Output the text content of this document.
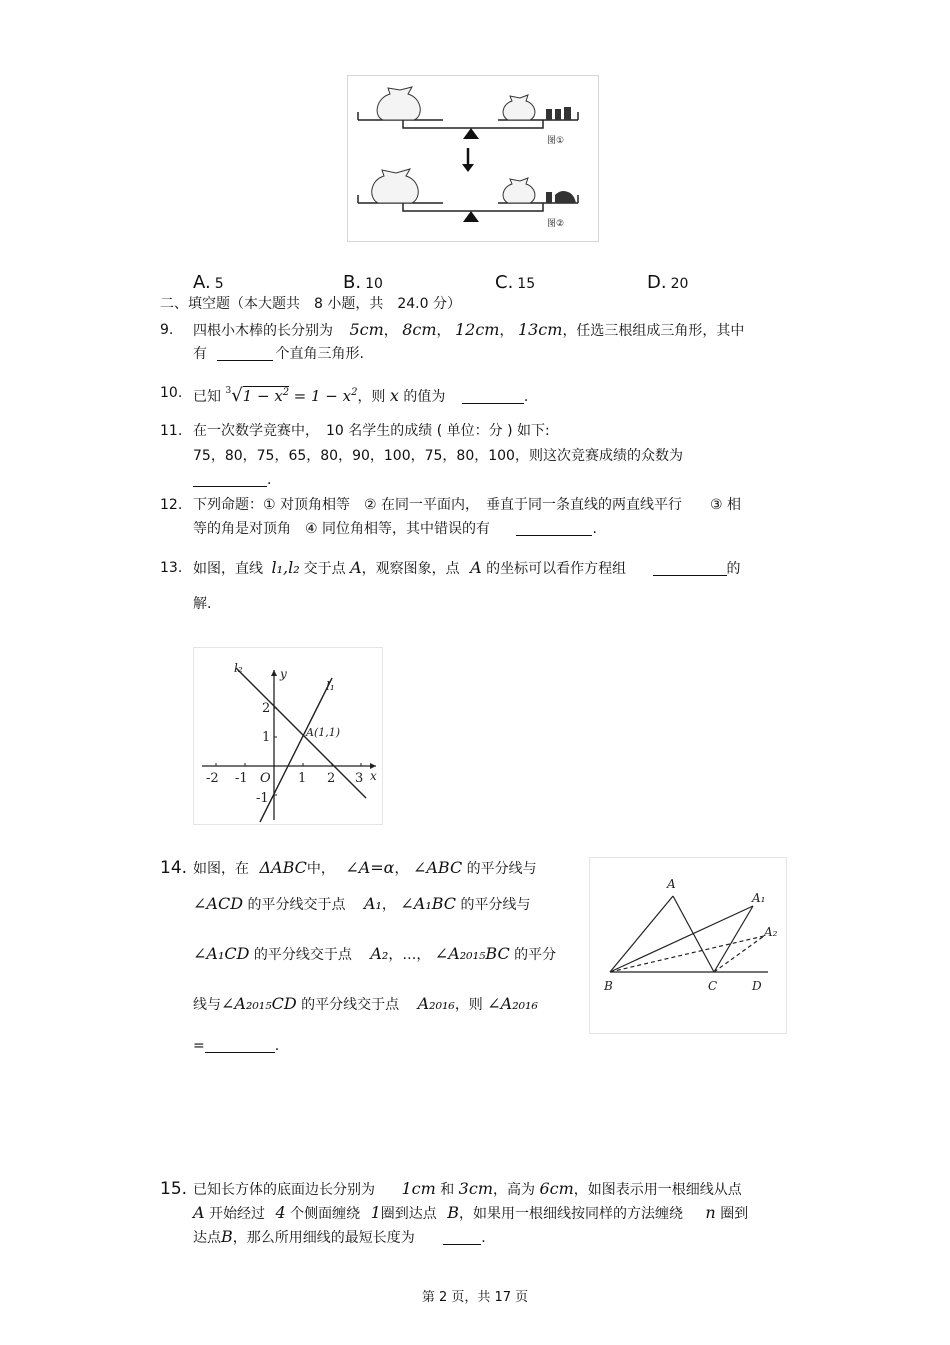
图①
图②
A. 5	B. 10	C. 15	D. 20
二、填空题（本大题共　8 小题，共　24.0 分）
9. 四根小木棒的长分别为 5cm， 8cm， 12cm， 13cm，任选三根组成三角形，其中
有	个直角三角形.
10. 已知 $^3√1 - x^2 = 1 - x^2$，则 x 的值为	.
11. 在一次数学竞赛中，　10 名学生的成绩 ( 单位：分 ) 如下:
75，80，75，65，80，90，100，75，80，100，则这次竞赛成绩的众数为
.
12. 下列命题：① 对顶角相等　② 在同一平面内，　垂直于同一条直线的两直线平行　　③ 相
等的角是对顶角　④ 同位角相等，其中错误的有	.
13. 如图，直线 l₁,l₂ 交于点 A，观察图象，点 A 的坐标可以看作方程组	的
解.
l₂
l₁
y
x
A(1,1)
-2 -1 O 1 2 3
2
1
-1
14. 如图，在 ΔABC中， ∠A=α， ∠ABC 的平分线与
∠ACD 的平分线交于点 A₁， ∠A₁BC 的平分线与
∠A₁CD 的平分线交于点 A₂，…， ∠A₂₀₁₅BC 的平分
线与∠A₂₀₁₅CD 的平分线交于点 A₂₀₁₆，则 ∠A₂₀₁₆
=	.
A
A₁
A₂
B	C	D
15. 已知长方体的底面边长分别为 1cm 和 3cm，高为 6cm，如图表示用一根细线从点
A 开始经过 4 个侧面缠绕 1圈到达点 B，如果用一根细线按同样的方法缠绕 n 圈到
达点B，那么所用细线的最短长度为	.
第 2 页，共 17 页
